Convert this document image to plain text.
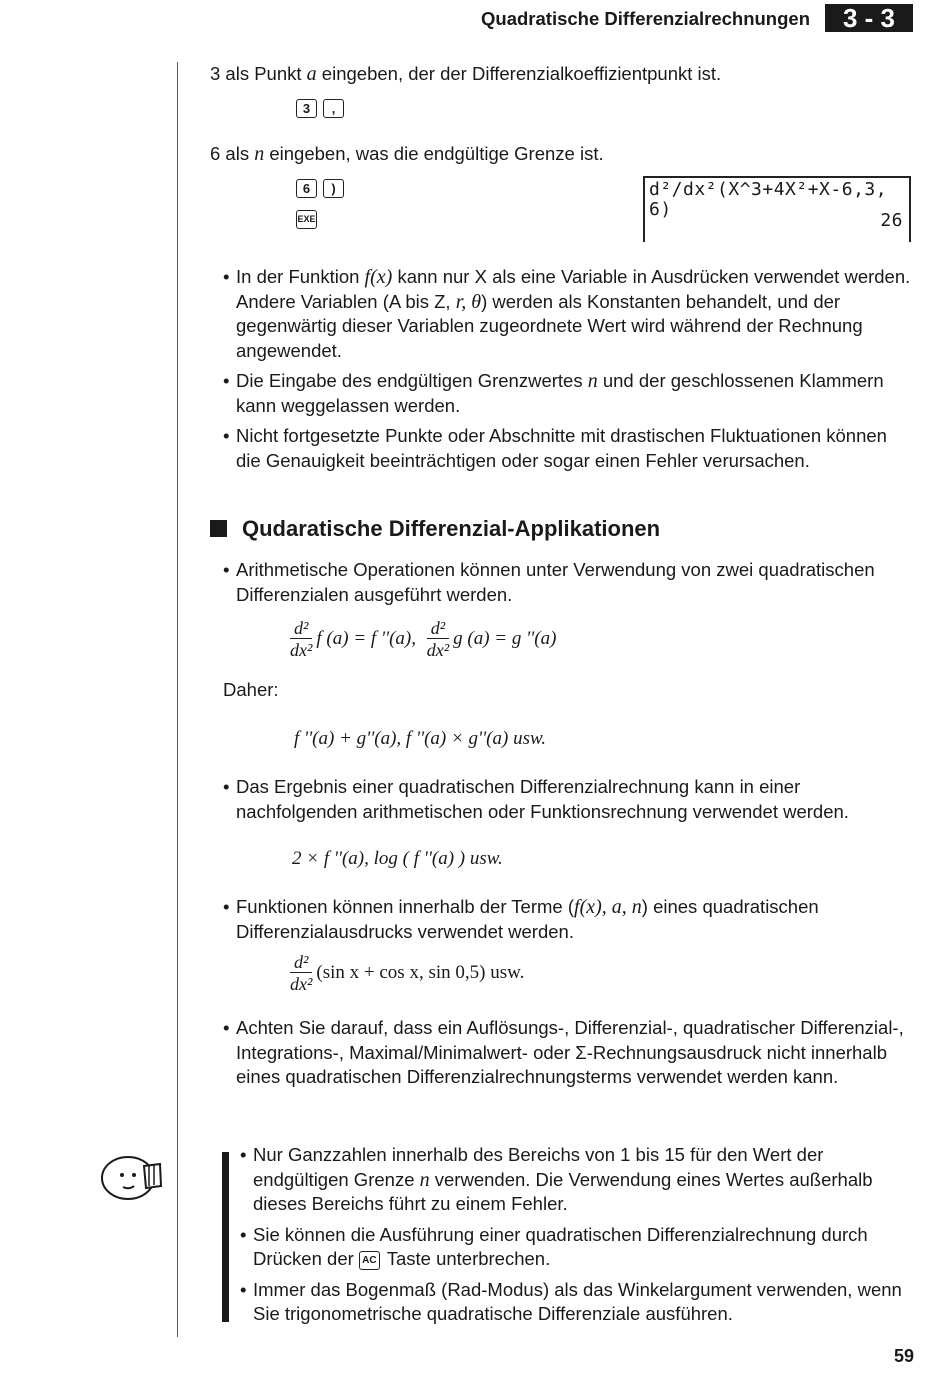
Quadratische Differenzialrechnungen	3 - 3
3 als Punkt a eingeben, der der Differenzialkoeffizientpunkt ist.
3 ,
6 als n eingeben, was die endgültige Grenze ist.
6 )
EXE
d²/dx²(X^3+4X²+X-6,3,
6)
26
• In der Funktion f(x) kann nur X als eine Variable in Ausdrücken verwendet werden. Andere Variablen (A bis Z, r, θ) werden als Konstanten behandelt, und der gegenwärtig dieser Variablen zugeordnete Wert wird während der Rechnung angewendet.
• Die Eingabe des endgültigen Grenzwertes n und der geschlossenen Klammern kann weggelassen werden.
• Nicht fortgesetzte Punkte oder Abschnitte mit drastischen Fluktuationen können die Genauigkeit beeinträchtigen oder sogar einen Fehler verursachen.
Qudaratische Differenzial-Applikationen
• Arithmetische Operationen können unter Verwendung von zwei quadratischen Differenzialen ausgeführt werden.
$\frac{\text{d²}}{\text{dx²}}$ f (a) = f ''(a), $\frac{\text{d²}}{\text{dx²}}$ g (a) = g ''(a)
Daher:
f ''(a) + g''(a), f ''(a) × g''(a) usw.
• Das Ergebnis einer quadratischen Differenzialrechnung kann in einer nachfolgenden arithmetischen oder Funktionsrechnung verwendet werden.
2 × f ''(a), log ( f ''(a) ) usw.
• Funktionen können innerhalb der Terme (f(x), a, n) eines quadratischen Differenzialausdrucks verwendet werden.
$\frac{\text{d²}}{\text{dx²}} (\sin$ x + cos x, sin 0,5) usw.
• Achten Sie darauf, dass ein Auflösungs-, Differenzial-, quadratischer Differenzial-, Integrations-, Maximal/Minimalwert- oder Σ-Rechnungsausdruck nicht innerhalb eines quadratischen Differenzialrechnungsterms verwendet werden kann.
• Nur Ganzzahlen innerhalb des Bereichs von 1 bis 15 für den Wert der endgültigen Grenze n verwenden. Die Verwendung eines Wertes außerhalb dieses Bereichs führt zu einem Fehler.
• Sie können die Ausführung einer quadratischen Differenzialrechnung durch Drücken der AC Taste unterbrechen.
• Immer das Bogenmaß (Rad-Modus) als das Winkelargument verwenden, wenn Sie trigonometrische quadratische Differenziale ausführen.
59
